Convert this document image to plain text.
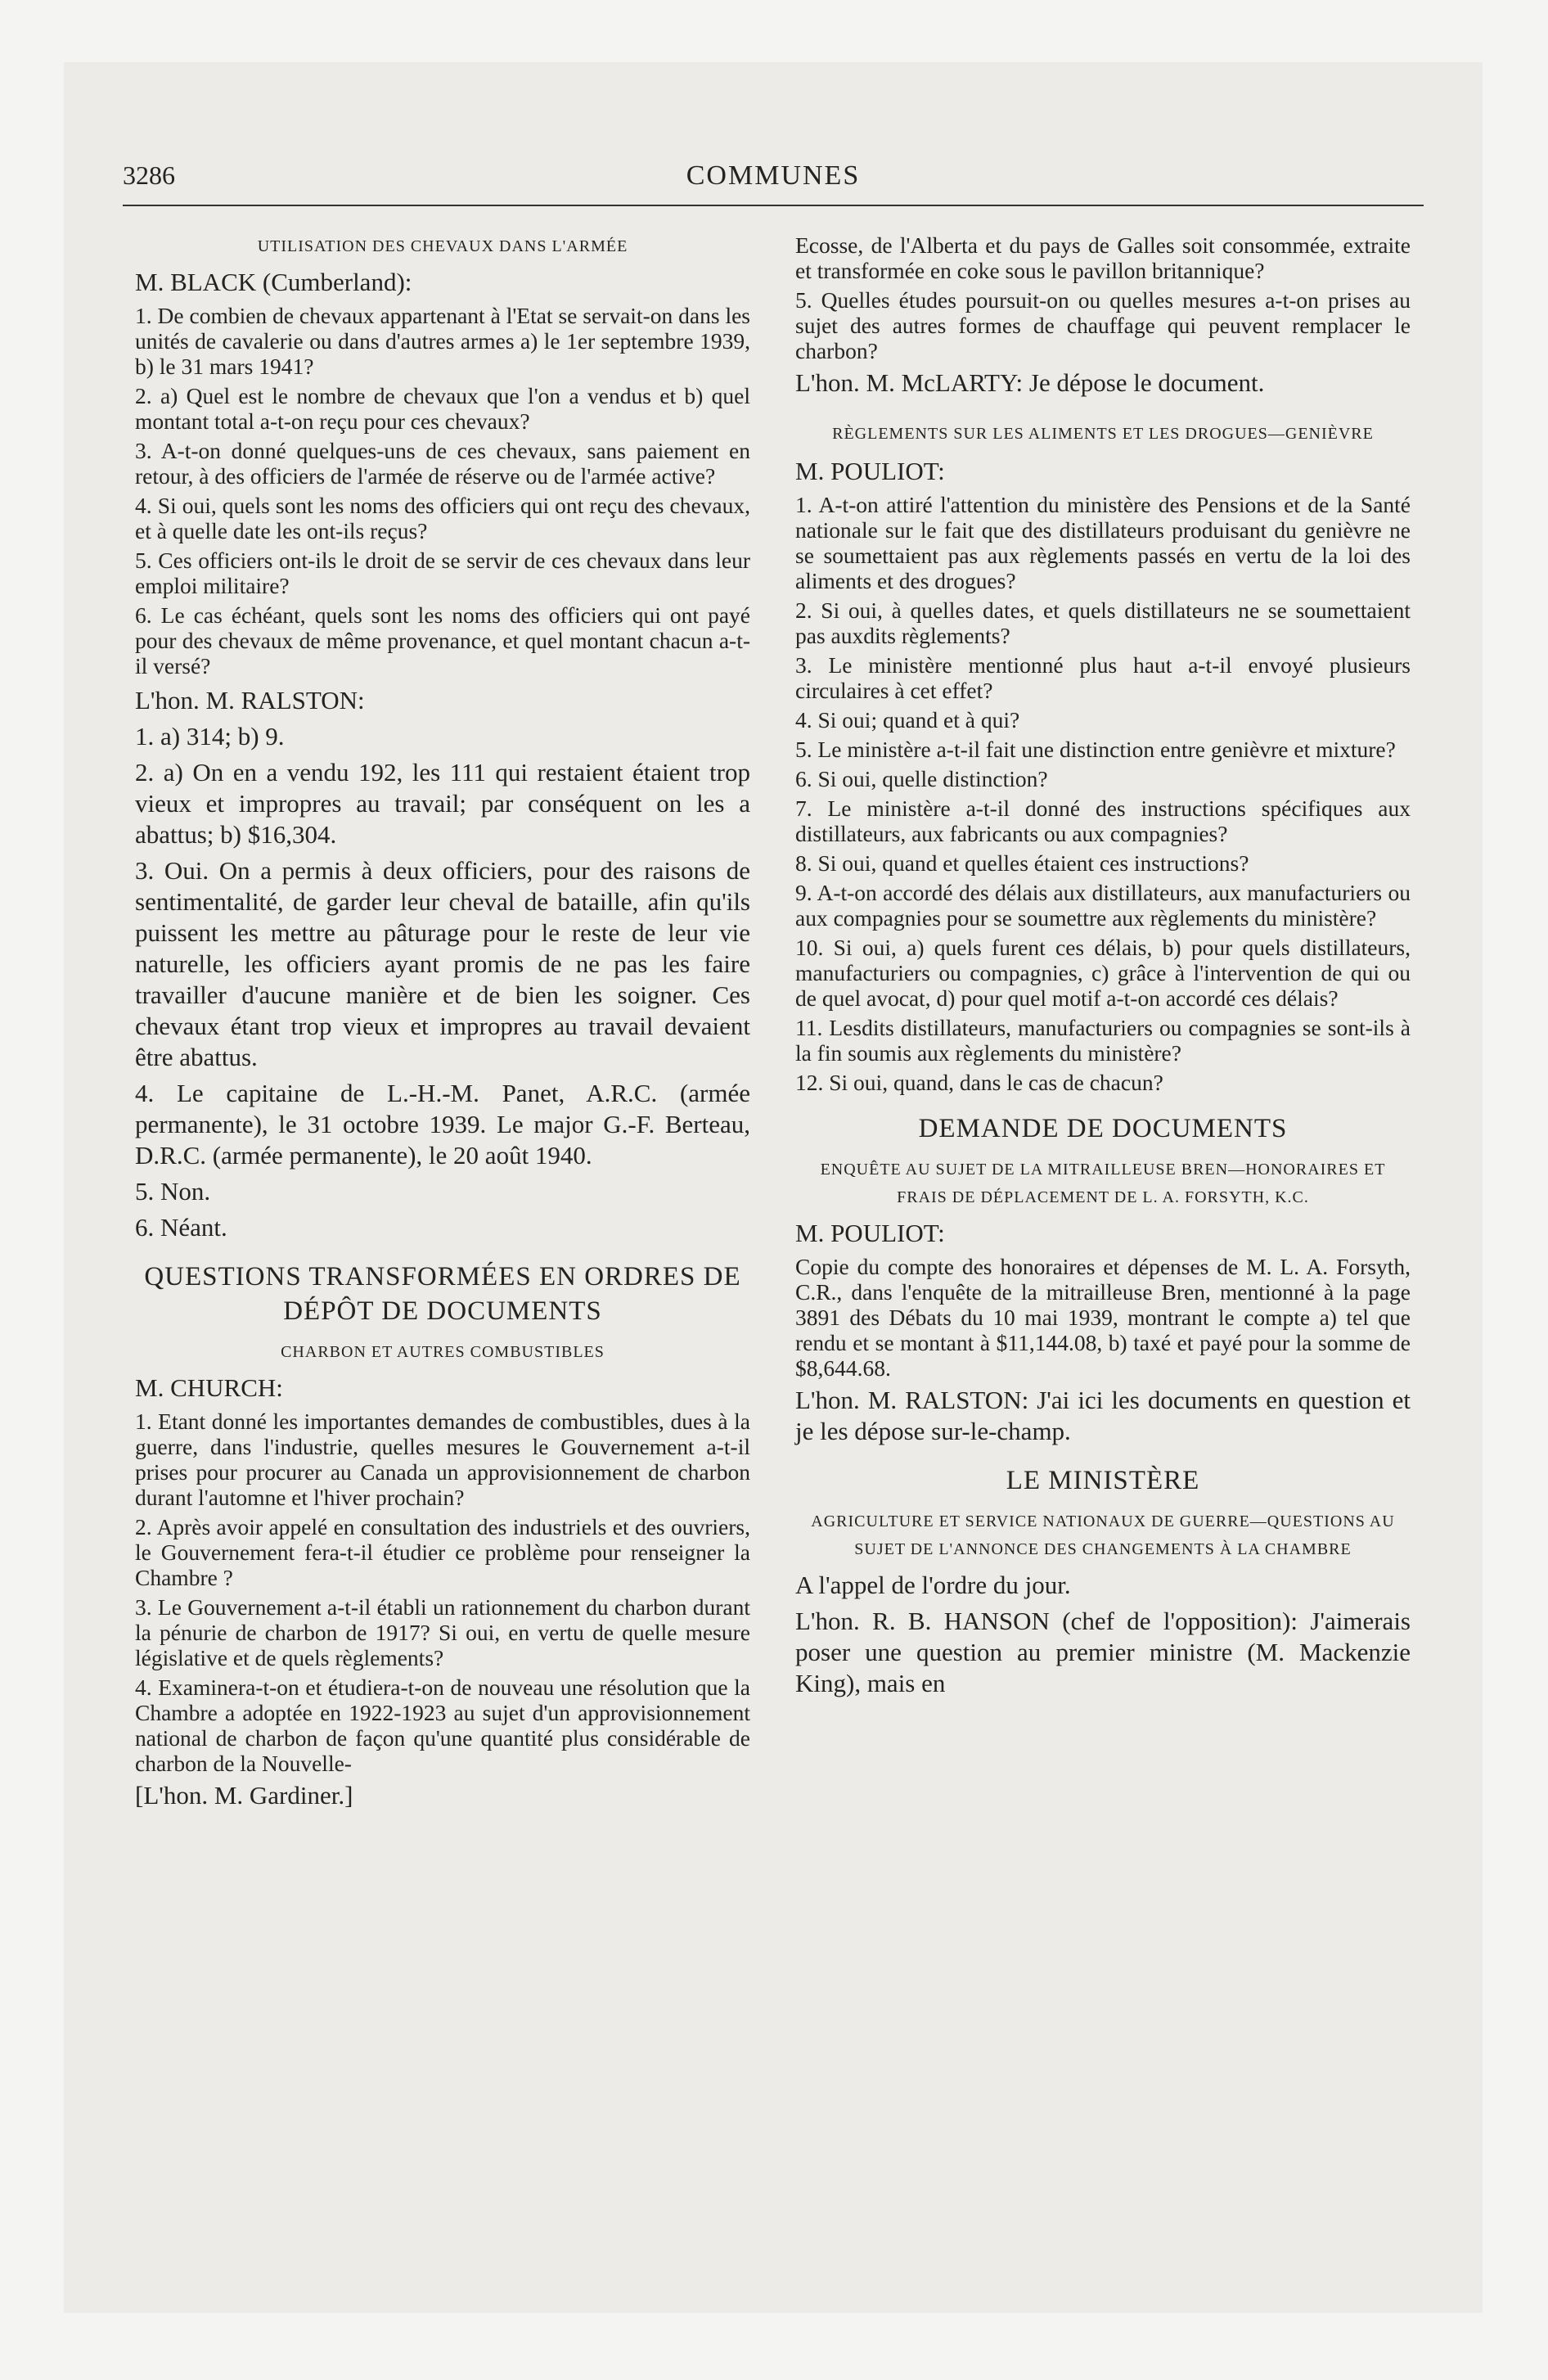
3286	COMMUNES
UTILISATION DES CHEVAUX DANS L'ARMÉE

M. BLACK (Cumberland):

1. De combien de chevaux appartenant à l'Etat se servait-on dans les unités de cavalerie ou dans d'autres armes a) le 1er septembre 1939, b) le 31 mars 1941?

2. a) Quel est le nombre de chevaux que l'on a vendus et b) quel montant total a-t-on reçu pour ces chevaux?

3. A-t-on donné quelques-uns de ces chevaux, sans paiement en retour, à des officiers de l'armée de réserve ou de l'armée active?

4. Si oui, quels sont les noms des officiers qui ont reçu des chevaux, et à quelle date les ont-ils reçus?

5. Ces officiers ont-ils le droit de se servir de ces chevaux dans leur emploi militaire?

6. Le cas échéant, quels sont les noms des officiers qui ont payé pour des chevaux de même provenance, et quel montant chacun a-t-il versé?

L'hon. M. RALSTON:

1. a) 314; b) 9.

2. a) On en a vendu 192, les 111 qui restaient étaient trop vieux et impropres au travail; par conséquent on les a abattus; b) $16,304.

3. Oui. On a permis à deux officiers, pour des raisons de sentimentalité, de garder leur cheval de bataille, afin qu'ils puissent les mettre au pâturage pour le reste de leur vie naturelle, les officiers ayant promis de ne pas les faire travailler d'aucune manière et de bien les soigner. Ces chevaux étant trop vieux et impropres au travail devaient être abattus.

4. Le capitaine de L.-H.-M. Panet, A.R.C. (armée permanente), le 31 octobre 1939. Le major G.-F. Berteau, D.R.C. (armée permanente), le 20 août 1940.

5. Non.

6. Néant.

QUESTIONS TRANSFORMÉES EN ORDRES DE DÉPÔT DE DOCUMENTS
CHARBON ET AUTRES COMBUSTIBLES

M. CHURCH:

1. Etant donné les importantes demandes de combustibles, dues à la guerre, dans l'industrie, quelles mesures le Gouvernement a-t-il prises pour procurer au Canada un approvisionnement de charbon durant l'automne et l'hiver prochain?

2. Après avoir appelé en consultation des industriels et des ouvriers, le Gouvernement fera-t-il étudier ce problème pour renseigner la Chambre ?

3. Le Gouvernement a-t-il établi un rationnement du charbon durant la pénurie de charbon de 1917? Si oui, en vertu de quelle mesure législative et de quels règlements?

4. Examinera-t-on et étudiera-t-on de nouveau une résolution que la Chambre a adoptée en 1922-1923 au sujet d'un approvisionnement national de charbon de façon qu'une quantité plus considérable de charbon de la Nouvelle-

[L'hon. M. Gardiner.]

Ecosse, de l'Alberta et du pays de Galles soit consommée, extraite et transformée en coke sous le pavillon britannique?

5. Quelles études poursuit-on ou quelles mesures a-t-on prises au sujet des autres formes de chauffage qui peuvent remplacer le charbon?

L'hon. M. McLARTY: Je dépose le document.

RÈGLEMENTS SUR LES ALIMENTS ET LES DROGUES—GENIÈVRE

M. POULIOT:

1. A-t-on attiré l'attention du ministère des Pensions et de la Santé nationale sur le fait que des distillateurs produisant du genièvre ne se soumettaient pas aux règlements passés en vertu de la loi des aliments et des drogues?

2. Si oui, à quelles dates, et quels distillateurs ne se soumettaient pas auxdits règlements?

3. Le ministère mentionné plus haut a-t-il envoyé plusieurs circulaires à cet effet?

4. Si oui; quand et à qui?

5. Le ministère a-t-il fait une distinction entre genièvre et mixture?

6. Si oui, quelle distinction?

7. Le ministère a-t-il donné des instructions spécifiques aux distillateurs, aux fabricants ou aux compagnies?

8. Si oui, quand et quelles étaient ces instructions?

9. A-t-on accordé des délais aux distillateurs, aux manufacturiers ou aux compagnies pour se soumettre aux règlements du ministère?

10. Si oui, a) quels furent ces délais, b) pour quels distillateurs, manufacturiers ou compagnies, c) grâce à l'intervention de qui ou de quel avocat, d) pour quel motif a-t-on accordé ces délais?

11. Lesdits distillateurs, manufacturiers ou compagnies se sont-ils à la fin soumis aux règlements du ministère?

12. Si oui, quand, dans le cas de chacun?

DEMANDE DE DOCUMENTS
ENQUÊTE AU SUJET DE LA MITRAILLEUSE BREN—HONORAIRES ET FRAIS DE DÉPLACEMENT DE L. A. FORSYTH, K.C.

M. POULIOT:

Copie du compte des honoraires et dépenses de M. L. A. Forsyth, C.R., dans l'enquête de la mitrailleuse Bren, mentionné à la page 3891 des Débats du 10 mai 1939, montrant le compte a) tel que rendu et se montant à $11,144.08, b) taxé et payé pour la somme de $8,644.68.

L'hon. M. RALSTON: J'ai ici les documents en question et je les dépose sur-le-champ.

LE MINISTÈRE
AGRICULTURE ET SERVICE NATIONAUX DE GUERRE—QUESTIONS AU SUJET DE L'ANNONCE DES CHANGEMENTS À LA CHAMBRE

A l'appel de l'ordre du jour.

L'hon. R. B. HANSON (chef de l'opposition): J'aimerais poser une question au premier ministre (M. Mackenzie King), mais en
